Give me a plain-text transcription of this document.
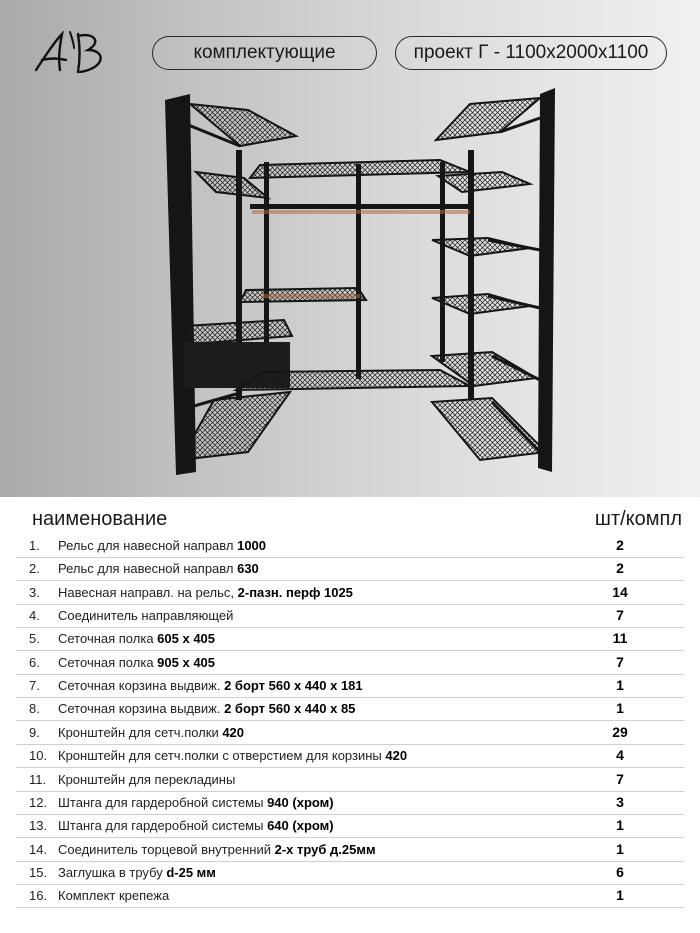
комплектующие	проект Г - 1100х2000х1100
наименование	шт/компл
1. Рельс для навесной направл 1000	2
2. Рельс для навесной направл 630	2
3. Навесная направл. на рельс, 2-пазн. перф 1025	14
4. Соединитель направляющей	7
5. Сеточная полка 605 х 405	11
6. Сеточная полка 905 х 405	7
7. Сеточная корзина выдвиж. 2 борт 560 х 440 х 181	1
8. Сеточная корзина выдвиж. 2 борт 560 х 440 х 85	1
9. Кронштейн для сетч.полки 420	29
10. Кронштейн для сетч.полки с отверстием для корзины 420	4
11. Кронштейн для перекладины	7
12. Штанга для гардеробной системы 940 (хром)	3
13. Штанга для гардеробной системы 640 (хром)	1
14. Соединитель торцевой внутренний 2-х труб д.25мм	1
15. Заглушка в трубу d-25 мм	6
16. Комплект крепежа	1
